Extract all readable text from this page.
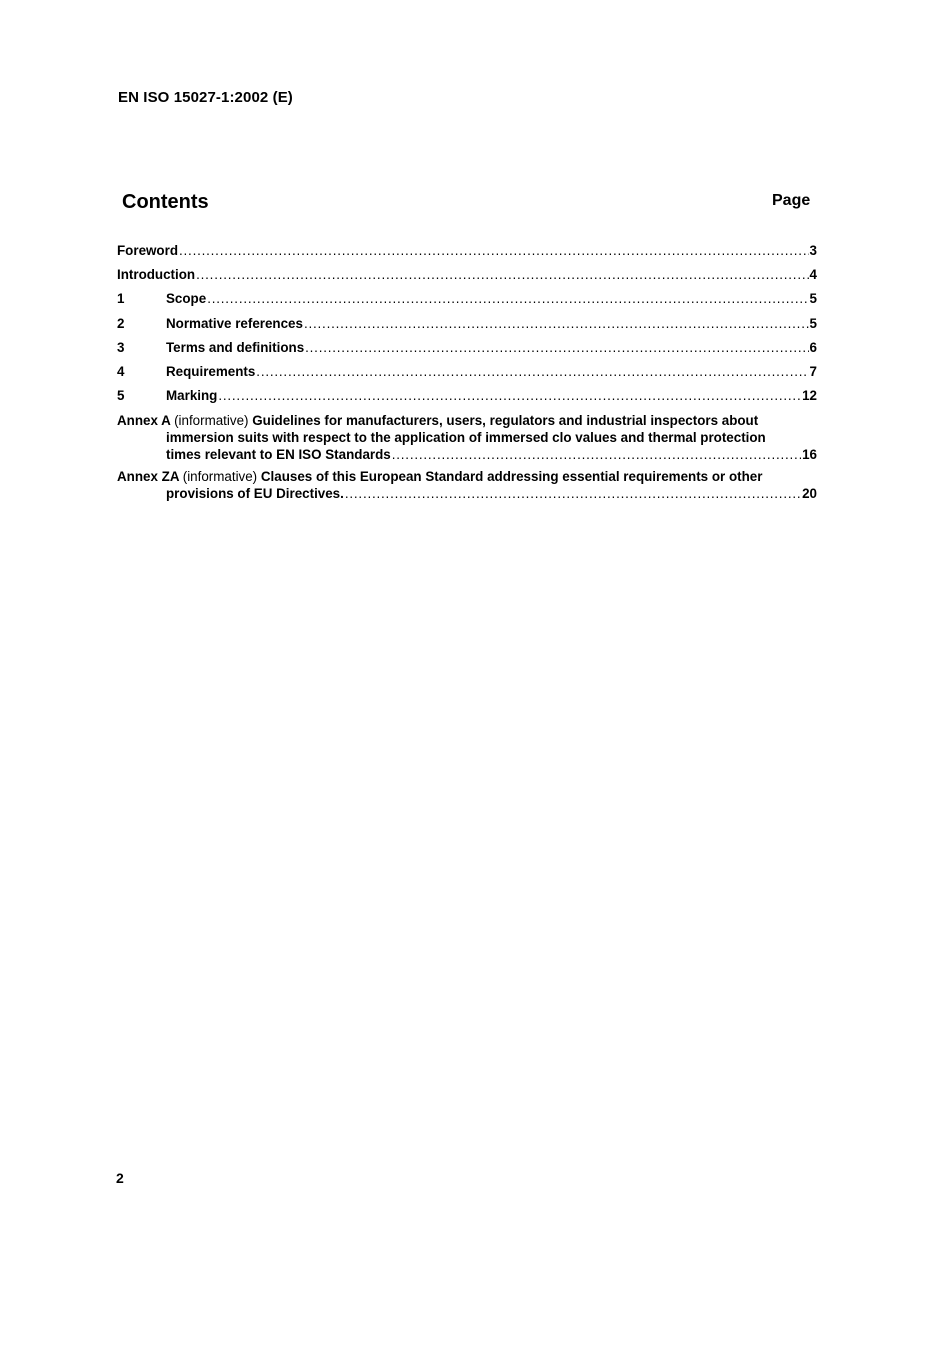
EN ISO 15027-1:2002 (E)
Contents	Page
Foreword .....	3
Introduction .....	4
1	Scope .....	5
2	Normative references .....	5
3	Terms and definitions .....	6
4	Requirements .....	7
5	Marking .....	12
Annex A (informative) Guidelines for manufacturers, users, regulators and industrial inspectors about
immersion suits with respect to the application of immersed clo values and thermal protection
times relevant to EN ISO Standards .....	16
Annex ZA (informative) Clauses of this European Standard addressing essential requirements or other
provisions of EU Directives. .....	20
2
